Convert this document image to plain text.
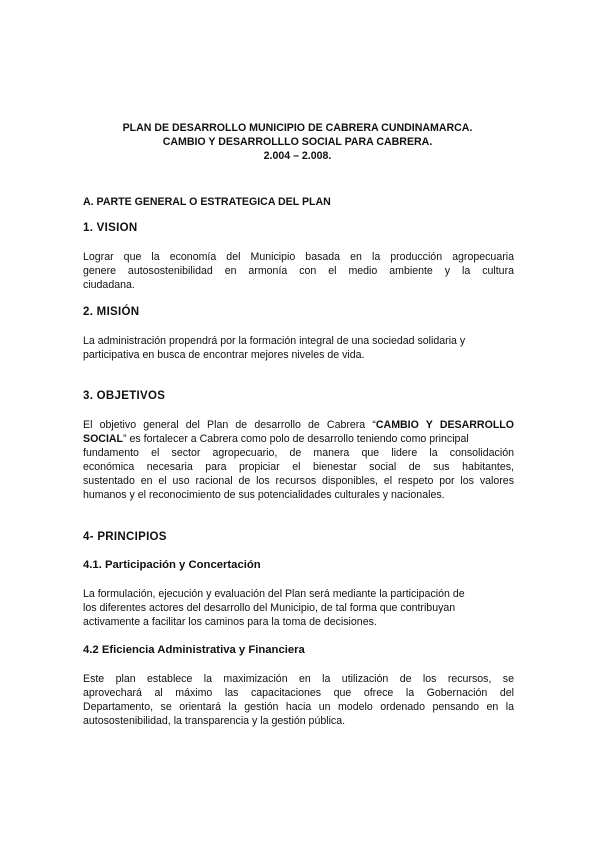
PLAN DE DESARROLLO MUNICIPIO DE CABRERA CUNDINAMARCA.
CAMBIO Y DESARROLLLO SOCIAL PARA CABRERA.
2.004 – 2.008.
A. PARTE GENERAL O ESTRATEGICA DEL PLAN
1. VISION
Lograr que la economía del Municipio basada en la producción agropecuaria
genere autosostenibilidad en armonía con el medio ambiente y la cultura
ciudadana.
2. MISIÓN
La administración propendrá por la formación integral de una sociedad solidaria y
participativa en busca de encontrar mejores niveles de vida.
3. OBJETIVOS
El objetivo general del Plan de desarrollo de Cabrera “CAMBIO Y DESARROLLO
SOCIAL” es fortalecer a Cabrera como polo de desarrollo teniendo como principal
fundamento el sector agropecuario, de manera que lidere la consolidación
económica necesaria para propiciar el bienestar social de sus habitantes,
sustentado en el uso racional de los recursos disponibles, el respeto por los valores
humanos y el reconocimiento de sus potencialidades culturales y nacionales.
4- PRINCIPIOS
4.1. Participación y Concertación
La formulación, ejecución y evaluación del Plan será mediante la participación de
los diferentes actores del desarrollo del Municipio, de tal forma que contribuyan
activamente a facilitar los caminos para la toma de decisiones.
4.2 Eficiencia Administrativa y Financiera
Este plan establece la maximización en la utilización de los recursos, se
aprovechará al máximo las capacitaciones que ofrece la Gobernación del
Departamento, se orientará la gestión hacia un modelo ordenado pensando en la
autosostenibilidad, la transparencia y la gestión pública.
